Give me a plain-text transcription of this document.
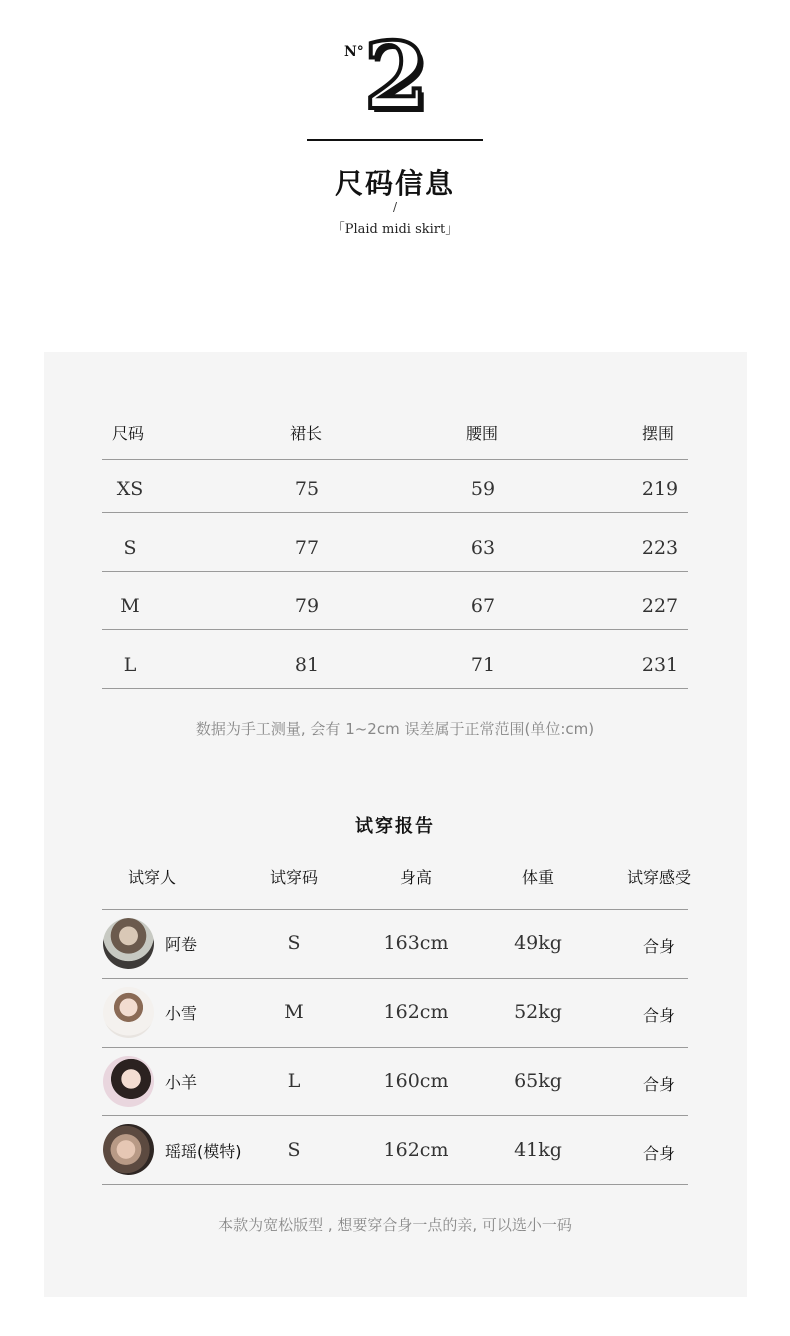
N° 2
尺码信息
/
「Plaid midi skirt」
尺码	裙长	腰围	摆围
XS	75	59	219
S	77	63	223
M	79	67	227
L	81	71	231
数据为手工测量, 会有 1~2cm 误差属于正常范围(单位:cm)
试穿报告
试穿人	试穿码	身高	体重	试穿感受
阿卷	S	163cm	49kg	合身
小雪	M	162cm	52kg	合身
小羊	L	160cm	65kg	合身
瑶瑶(模特) S	162cm	41kg	合身
本款为宽松版型 , 想要穿合身一点的亲, 可以选小一码
